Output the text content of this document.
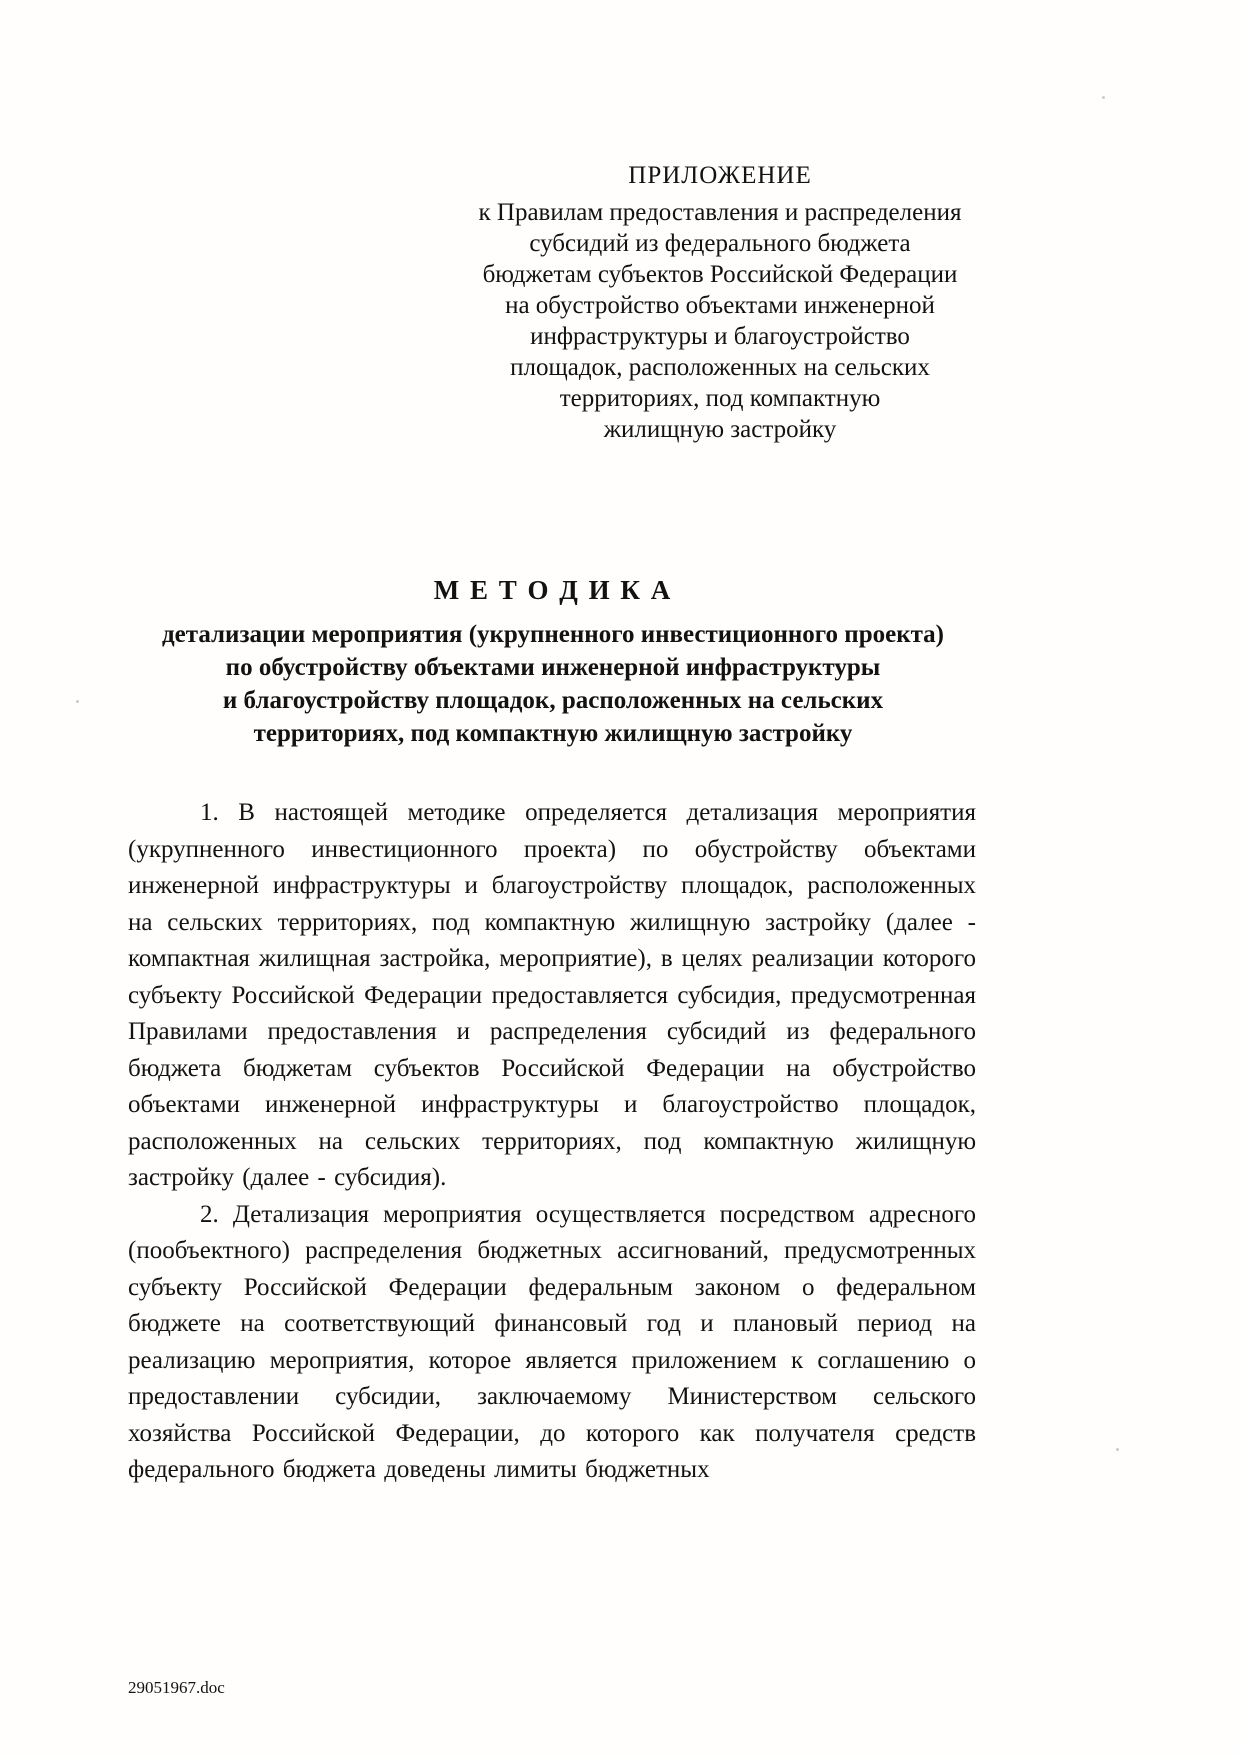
ПРИЛОЖЕНИЕ
к Правилам предоставления и распределения
субсидий из федерального бюджета
бюджетам субъектов Российской Федерации
на обустройство объектами инженерной
инфраструктуры и благоустройство
площадок, расположенных на сельских
территориях, под компактную
жилищную застройку
М Е Т О Д И К А
детализации мероприятия (укрупненного инвестиционного проекта)
по обустройству объектами инженерной инфраструктуры
и благоустройству площадок, расположенных на сельских
территориях, под компактную жилищную застройку

1. В настоящей методике определяется детализация мероприятия (укрупненного инвестиционного проекта) по обустройству объектами инженерной инфраструктуры и благоустройству площадок, расположенных на сельских территориях, под компактную жилищную застройку (далее - компактная жилищная застройка, мероприятие), в целях реализации которого субъекту Российской Федерации предоставляется субсидия, предусмотренная Правилами предоставления и распределения субсидий из федерального бюджета бюджетам субъектов Российской Федерации на обустройство объектами инженерной инфраструктуры и благоустройство площадок, расположенных на сельских территориях, под компактную жилищную застройку (далее - субсидия).

2. Детализация мероприятия осуществляется посредством адресного (пообъектного) распределения бюджетных ассигнований, предусмотренных субъекту Российской Федерации федеральным законом о федеральном бюджете на соответствующий финансовый год и плановый период на реализацию мероприятия, которое является приложением к соглашению о предоставлении субсидии, заключаемому Министерством сельского хозяйства Российской Федерации, до которого как получателя средств федерального бюджета доведены лимиты бюджетных

29051967.doc
